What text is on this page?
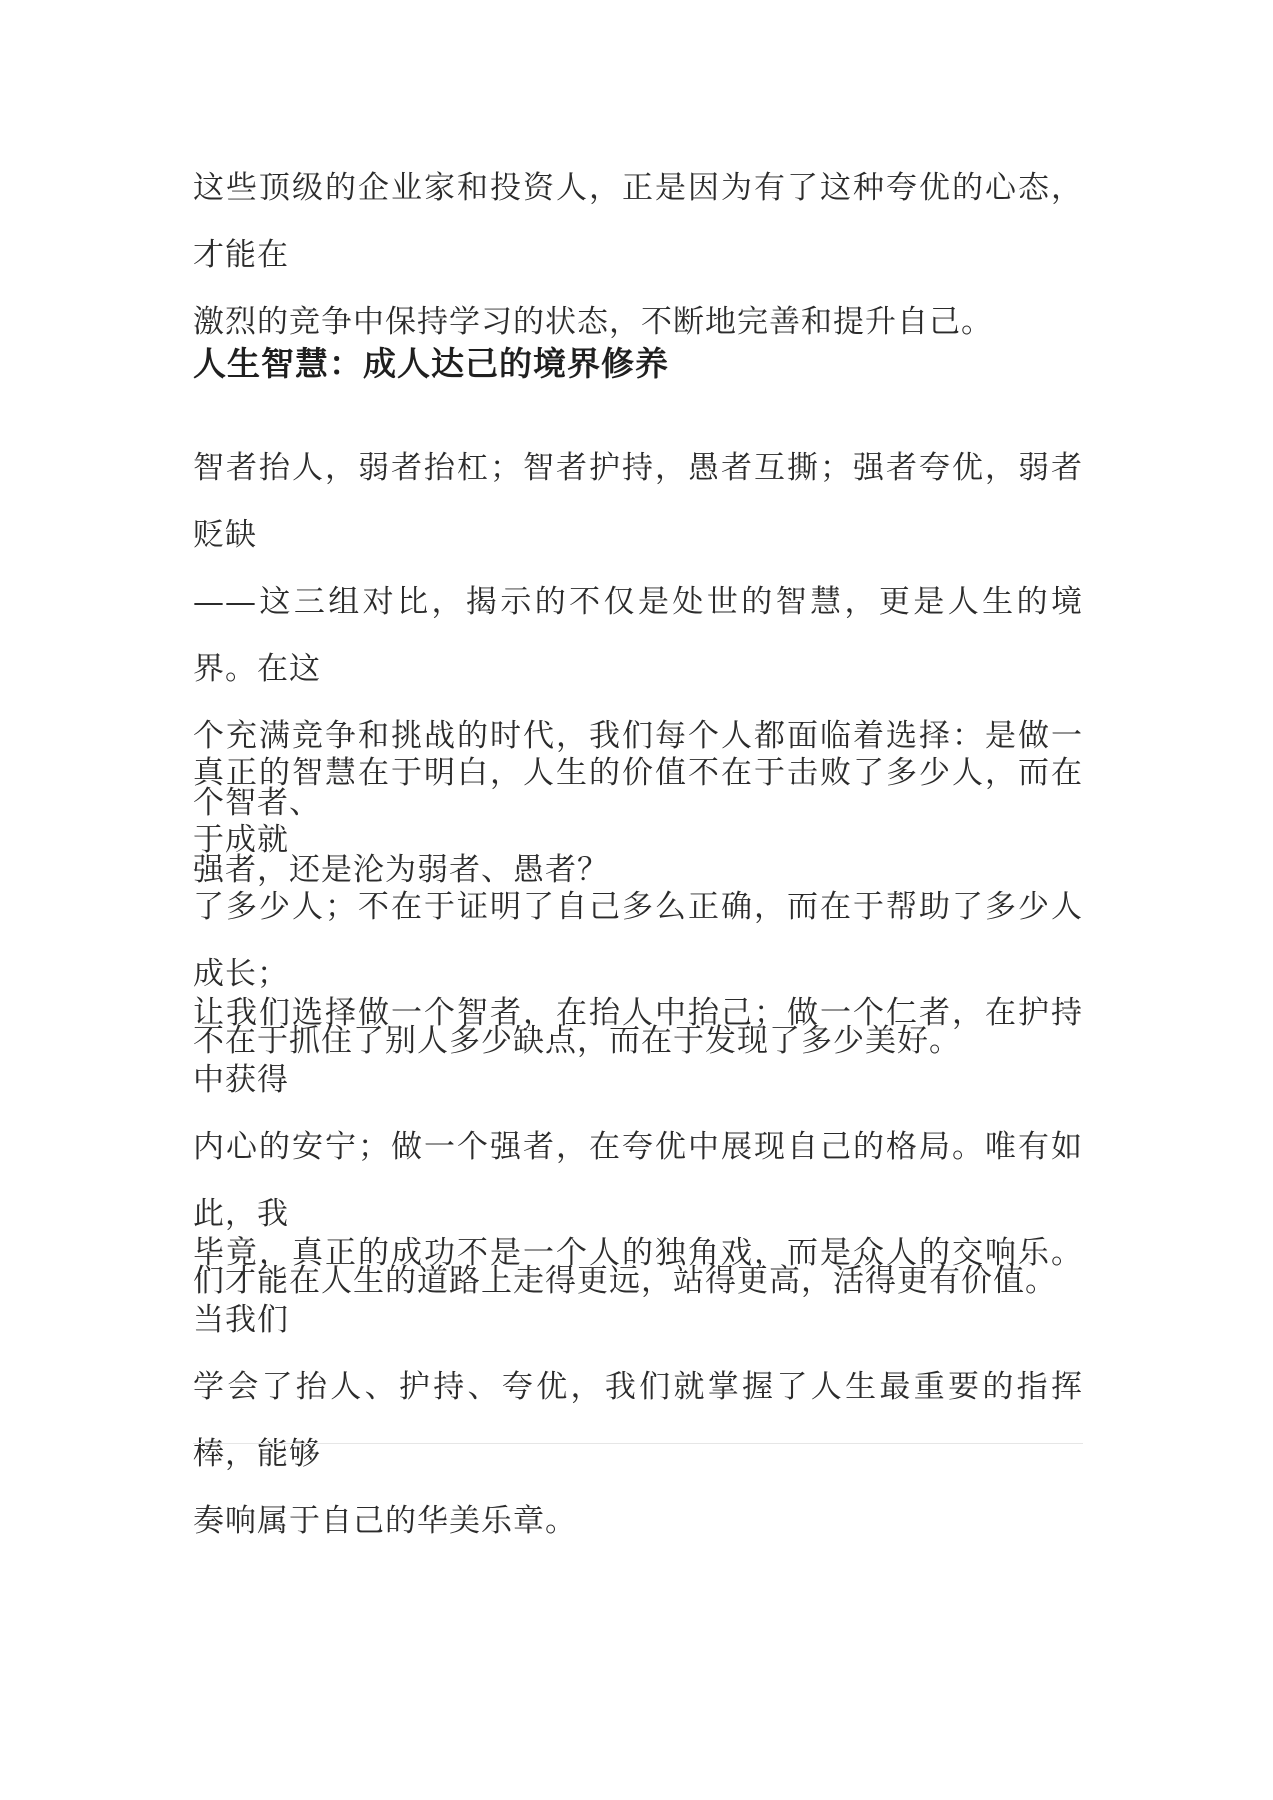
这些顶级的企业家和投资人，正是因为有了这种夸优的心态，才能在
激烈的竞争中保持学习的状态，不断地完善和提升自己。

人生智慧：成人达己的境界修养

智者抬人，弱者抬杠；智者护持，愚者互撕；强者夸优，弱者贬缺
——这三组对比，揭示的不仅是处世的智慧，更是人生的境界。在这
个充满竞争和挑战的时代，我们每个人都面临着选择：是做一个智者、
强者，还是沦为弱者、愚者？

真正的智慧在于明白，人生的价值不在于击败了多少人，而在于成就
了多少人；不在于证明了自己多么正确，而在于帮助了多少人成长；
不在于抓住了别人多少缺点，而在于发现了多少美好。

让我们选择做一个智者，在抬人中抬己；做一个仁者，在护持中获得
内心的安宁；做一个强者，在夸优中展现自己的格局。唯有如此，我
们才能在人生的道路上走得更远，站得更高，活得更有价值。

毕竟，真正的成功不是一个人的独角戏，而是众人的交响乐。当我们
学会了抬人、护持、夸优，我们就掌握了人生最重要的指挥棒，能够
奏响属于自己的华美乐章。
